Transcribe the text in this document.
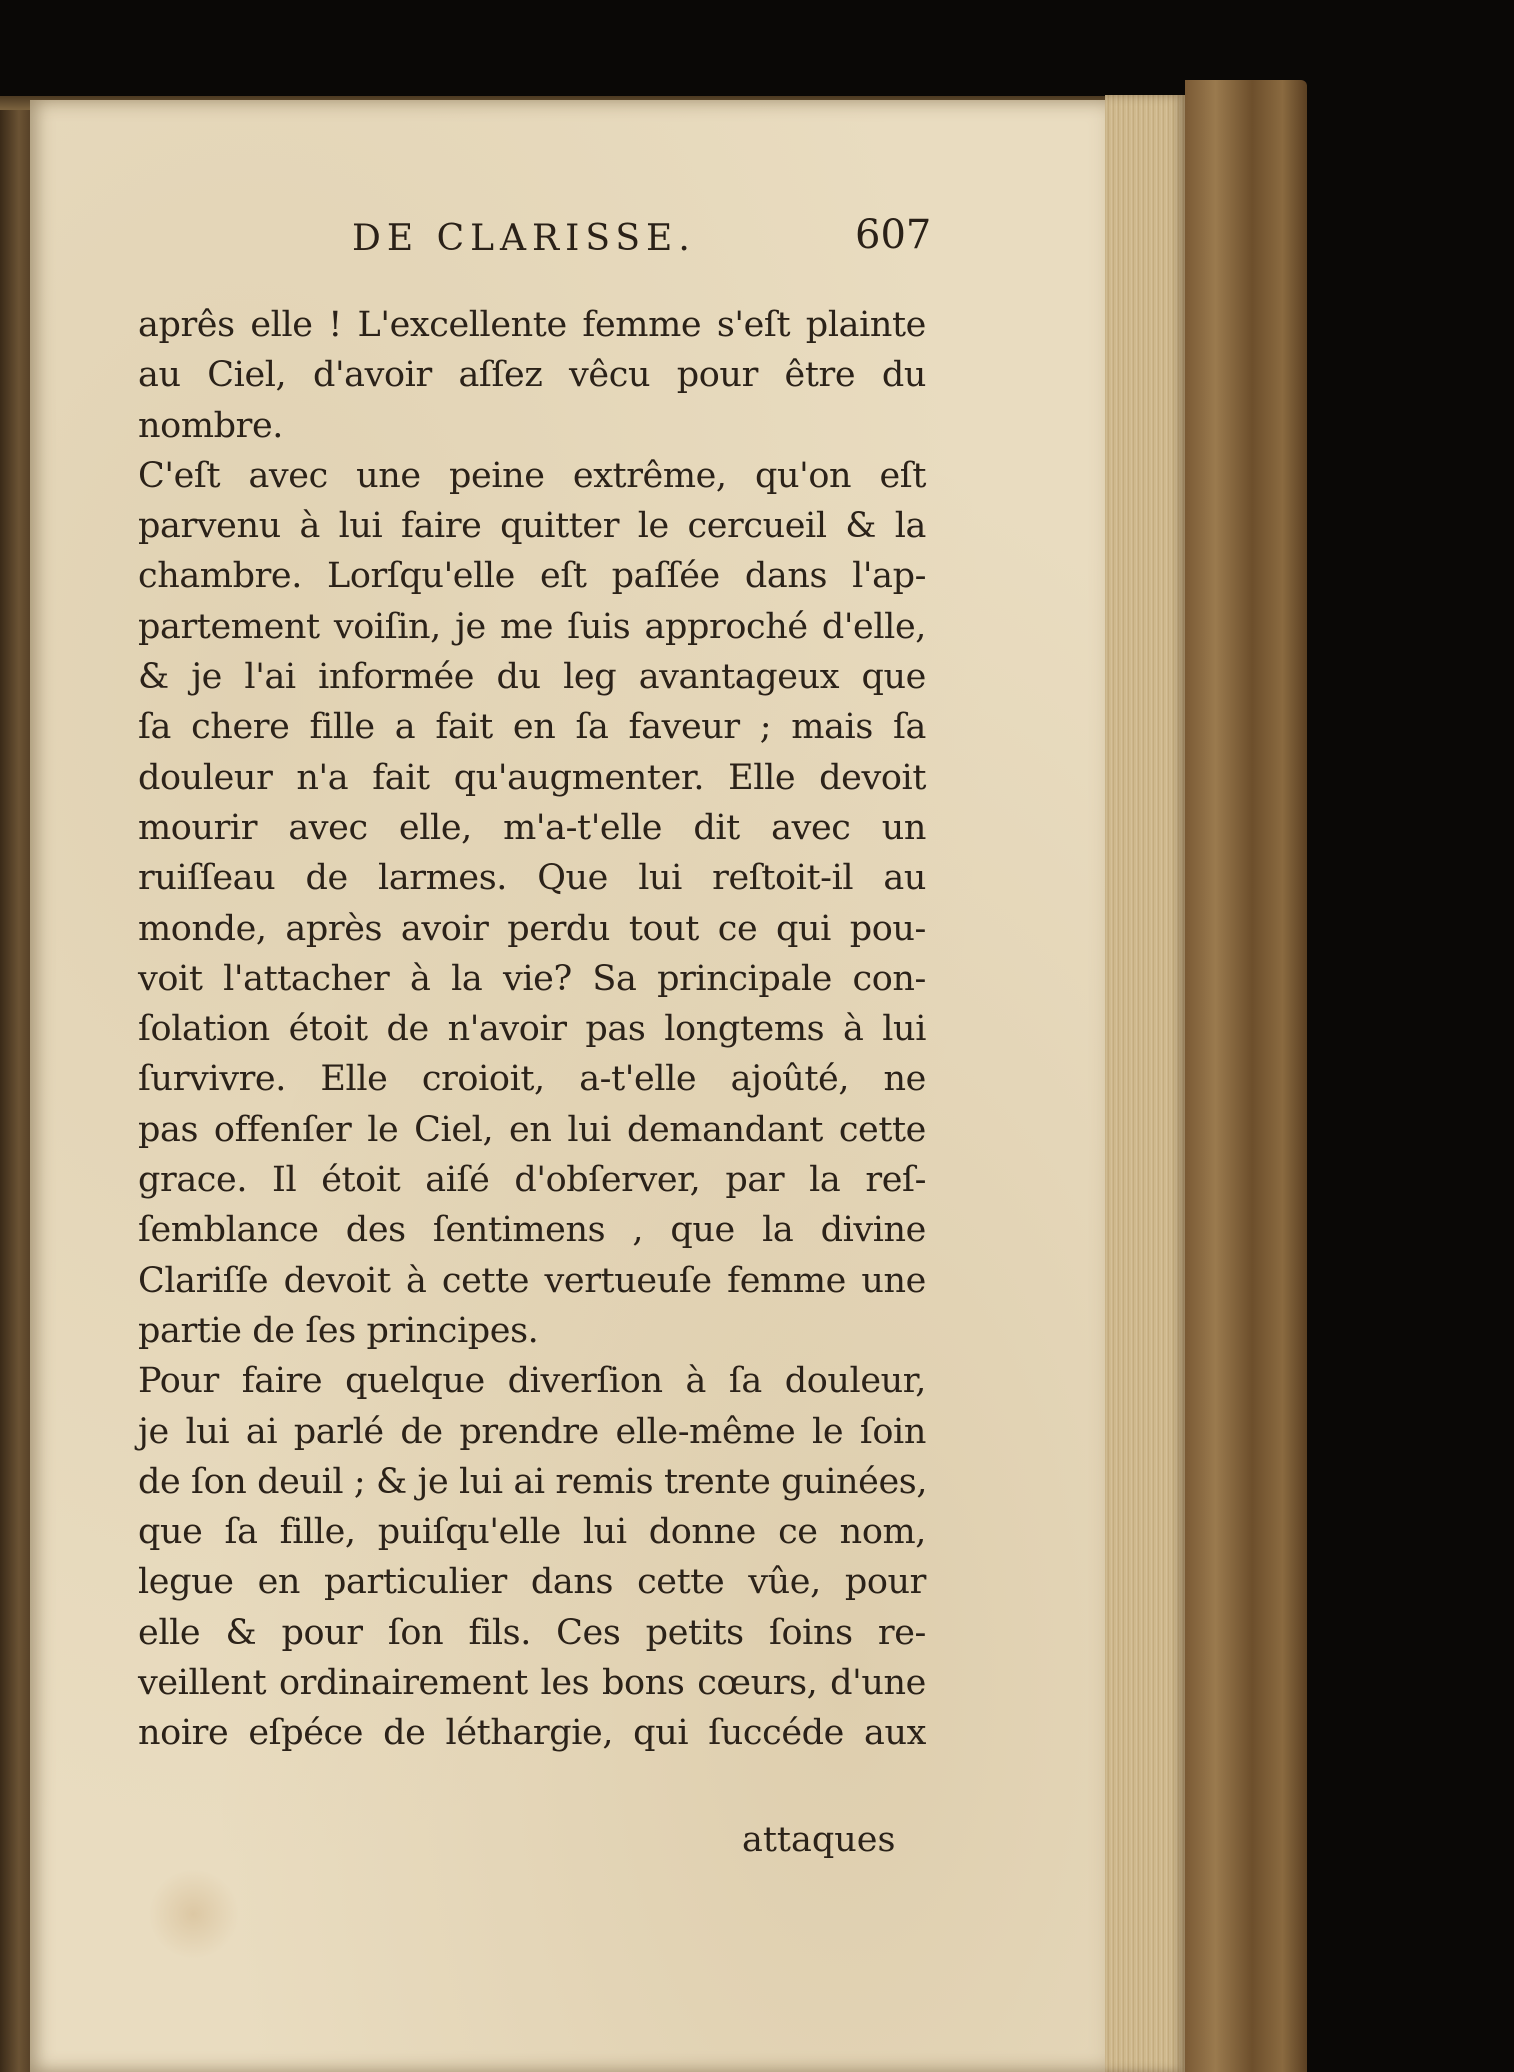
DE CLARISSE.	607
aprês elle ! L'excellente femme s'eſt plainte
au Ciel, d'avoir aſſez vêcu pour être du
nombre.
C'eſt avec une peine extrême, qu'on eſt
parvenu à lui faire quitter le cercueil & la
chambre. Lorſqu'elle eſt paſſée dans l'ap-
partement voiſin, je me ſuis approché d'elle,
& je l'ai informée du leg avantageux que
ſa chere fille a fait en ſa faveur ; mais ſa
douleur n'a fait qu'augmenter. Elle devoit
mourir avec elle, m'a-t'elle dit avec un
ruiſſeau de larmes. Que lui reſtoit-il au
monde, après avoir perdu tout ce qui pou-
voit l'attacher à la vie? Sa principale con-
ſolation étoit de n'avoir pas longtems à lui
ſurvivre. Elle croioit, a-t'elle ajoûté, ne
pas offenſer le Ciel, en lui demandant cette
grace. Il étoit aiſé d'obſerver, par la reſ-
ſemblance des ſentimens , que la divine
Clariſſe devoit à cette vertueuſe femme une
partie de ſes principes.
Pour faire quelque diverſion à ſa douleur,
je lui ai parlé de prendre elle-même le ſoin
de ſon deuil ; & je lui ai remis trente guinées,
que ſa fille, puiſqu'elle lui donne ce nom,
legue en particulier dans cette vûe, pour
elle & pour ſon fils. Ces petits ſoins re-
veillent ordinairement les bons cœurs, d'une
noire eſpéce de léthargie, qui ſuccéde aux
attaques
